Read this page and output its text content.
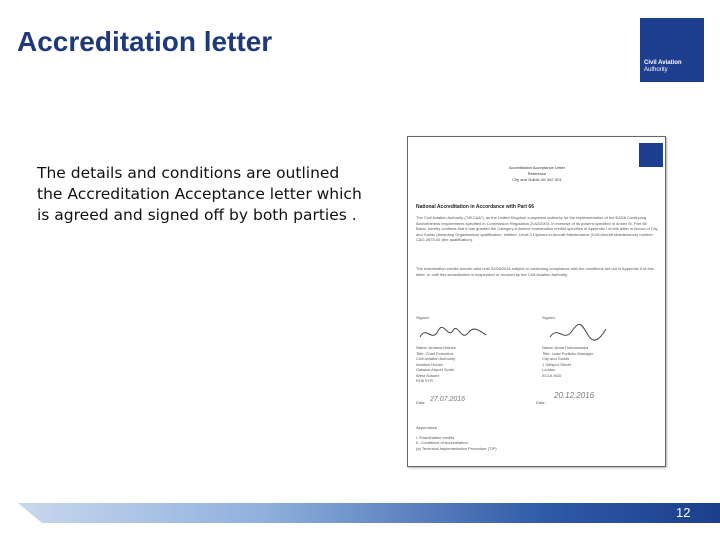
Accreditation letter
Civil Aviation
Authority
The details and conditions are outlined the Accreditation Acceptance letter which is agreed and signed off by both parties .
Accreditation Acceptance Letter
Reference
City and Guilds UK 847 001
National Accreditation in Accordance with Part 66
The Civil Aviation Authority ("UKCAA"), as the United Kingdom competent authority for the implementation of the EASA Continuing Airworthiness requirements specified in Commission Regulation 2042/2003, in exercise of its powers specified in Annex III, Part 66 Basic, hereby confirms that it has granted the Category A licence examination credits specified in Appendix I of this letter in favour of City and Guilds (Awarding Organisation) qualification, entitled, Level 3 Diploma in Aircraft Maintenance (Civil Aircraft Maintenance) number C&G 2675-05 (the qualification).
The examination credits remain valid until 31/08/2016 subject to continuing compliance with the conditions set out in Appendix II of this letter, or until this accreditation is suspended or revoked by the Civil Aviation Authority.
Signed:	Signed:
Name: Andrew Haines
Title: Chief Executive
Civil Aviation Authority
Aviation House
Gatwick Airport South
West Sussex
RH6 0YR
Name: Anna Dobrowolska
Title: Lead Portfolio Manager
City and Guilds
1 Giltspur Street
London
EC1A 9DD
Date: 27.07.2016	Date:
20.12.2016
Appendices
I. Examination credits
II. Conditions of Accreditation
(a) Technical Implementation Procedure (TIP)
12
